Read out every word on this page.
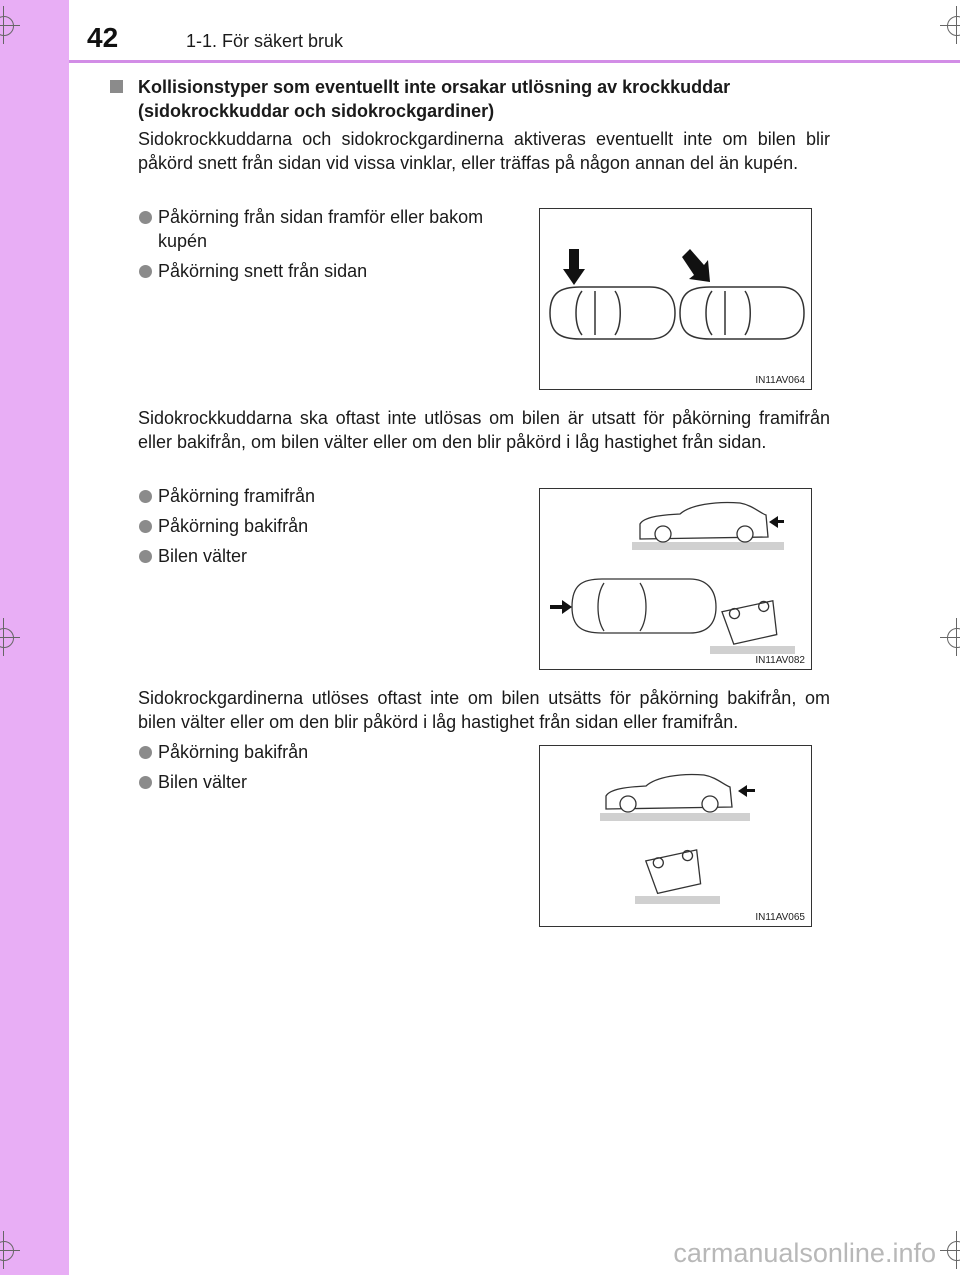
42	1-1. För säkert bruk
Kollisionstyper som eventuellt inte orsakar utlösning av krockkuddar (sidokrockkuddar och sidokrockgardiner)
Sidokrockkuddarna och sidokrockgardinerna aktiveras eventuellt inte om bilen blir påkörd snett från sidan vid vissa vinklar, eller träffas på någon annan del än kupén.
Påkörning från sidan framför eller bakom kupén
Påkörning snett från sidan
IN11AV064
Sidokrockkuddarna ska oftast inte utlösas om bilen är utsatt för påkörning framifrån eller bakifrån, om bilen välter eller om den blir påkörd i låg hastighet från sidan.
Påkörning framifrån
Påkörning bakifrån
Bilen välter
IN11AV082
Sidokrockgardinerna utlöses oftast inte om bilen utsätts för påkörning bakifrån, om bilen välter eller om den blir påkörd i låg hastighet från sidan eller framifrån.
Påkörning bakifrån
Bilen välter
IN11AV065
carmanualsonline.info
